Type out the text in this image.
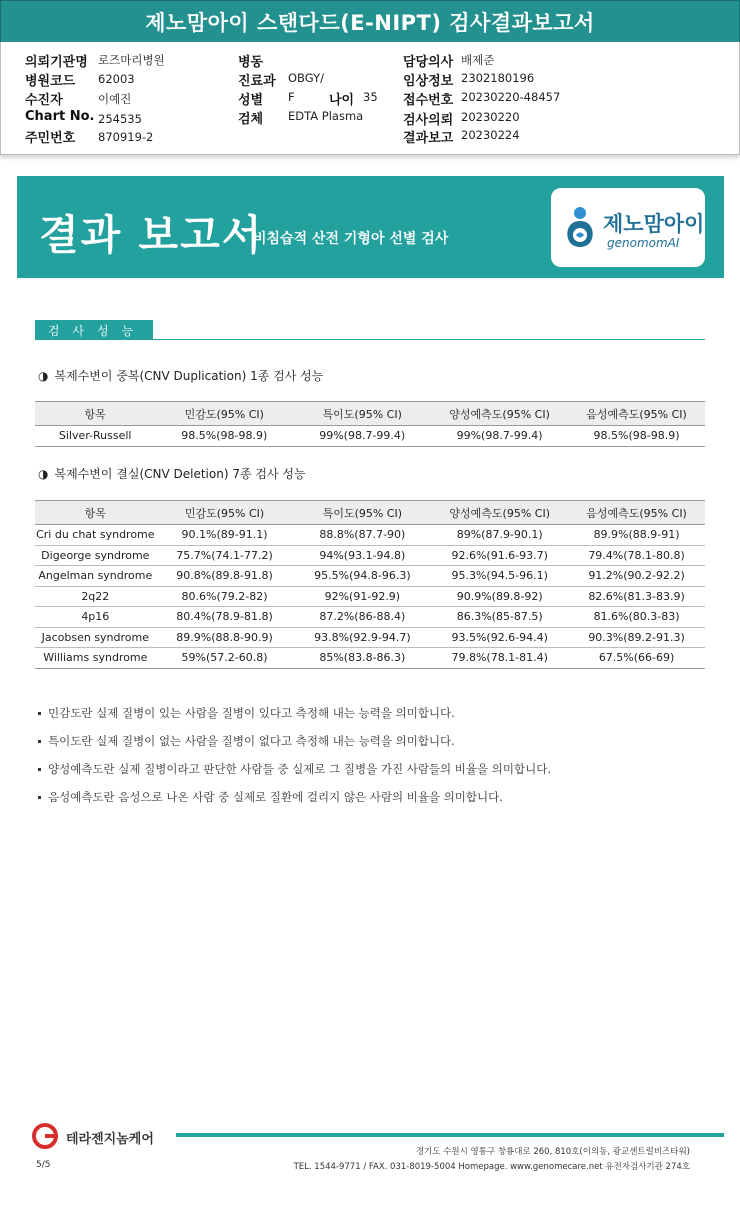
제노맘아이 스탠다드(E-NIPT) 검사결과보고서
의뢰기관명 로즈마리병원
병원코드 62003
수진자	이예진
Chart No. 254535
주민번호 870919-2
병동
진료과 OBGY/
성별 F	나이 35
검체 EDTA Plasma
담당의사 배제준
임상정보 2302180196
접수번호 20230220-48457
검사의뢰 20230220
결과보고 20230224
결과 보고서
비침습적 산전 기형아 선별 검사
제노맘아이
genomomAI
검사성능
◑ 복제수변이 중복(CNV Duplication) 1종 검사 성능
항목	민감도(95% CI)	특이도(95% CI)	양성예측도(95% CI)	음성예측도(95% CI)
Silver-Russell	98.5%(98-98.9)	99%(98.7-99.4)	99%(98.7-99.4)	98.5%(98-98.9)
◑ 복제수변이 결실(CNV Deletion) 7종 검사 성능
항목	민감도(95% CI)	특이도(95% CI)	양성예측도(95% CI)	음성예측도(95% CI)
Cri du chat syndrome	90.1%(89-91.1)	88.8%(87.7-90)	89%(87.9-90.1)	89.9%(88.9-91)
Digeorge syndrome	75.7%(74.1-77.2)	94%(93.1-94.8)	92.6%(91.6-93.7)	79.4%(78.1-80.8)
Angelman syndrome	90.8%(89.8-91.8)	95.5%(94.8-96.3)	95.3%(94.5-96.1)	91.2%(90.2-92.2)
2q22	80.6%(79.2-82)	92%(91-92.9)	90.9%(89.8-92)	82.6%(81.3-83.9)
4p16	80.4%(78.9-81.8)	87.2%(86-88.4)	86.3%(85-87.5)	81.6%(80.3-83)
Jacobsen syndrome	89.9%(88.8-90.9)	93.8%(92.9-94.7)	93.5%(92.6-94.4)	90.3%(89.2-91.3)
Williams syndrome	59%(57.2-60.8)	85%(83.8-86.3)	79.8%(78.1-81.4)	67.5%(66-69)
민감도란 실제 질병이 있는 사람을 질병이 있다고 측정해 내는 능력을 의미합니다.
특이도란 실제 질병이 없는 사람을 질병이 없다고 측정해 내는 능력을 의미합니다.
양성예측도란 실제 질병이라고 판단한 사람들 중 실제로 그 질병을 가진 사람들의 비율을 의미합니다.
음성예측도란 음성으로 나온 사람 중 실제로 질환에 걸리지 않은 사람의 비율을 의미합니다.
테라젠지놈케어
경기도 수원시 영통구 창룡대로 260, 810호(이의동, 광교센트럴비즈타워)
TEL. 1544-9771 / FAX. 031-8019-5004 Homepage. www.genomecare.net 유전자검사기관 274호
5/5
